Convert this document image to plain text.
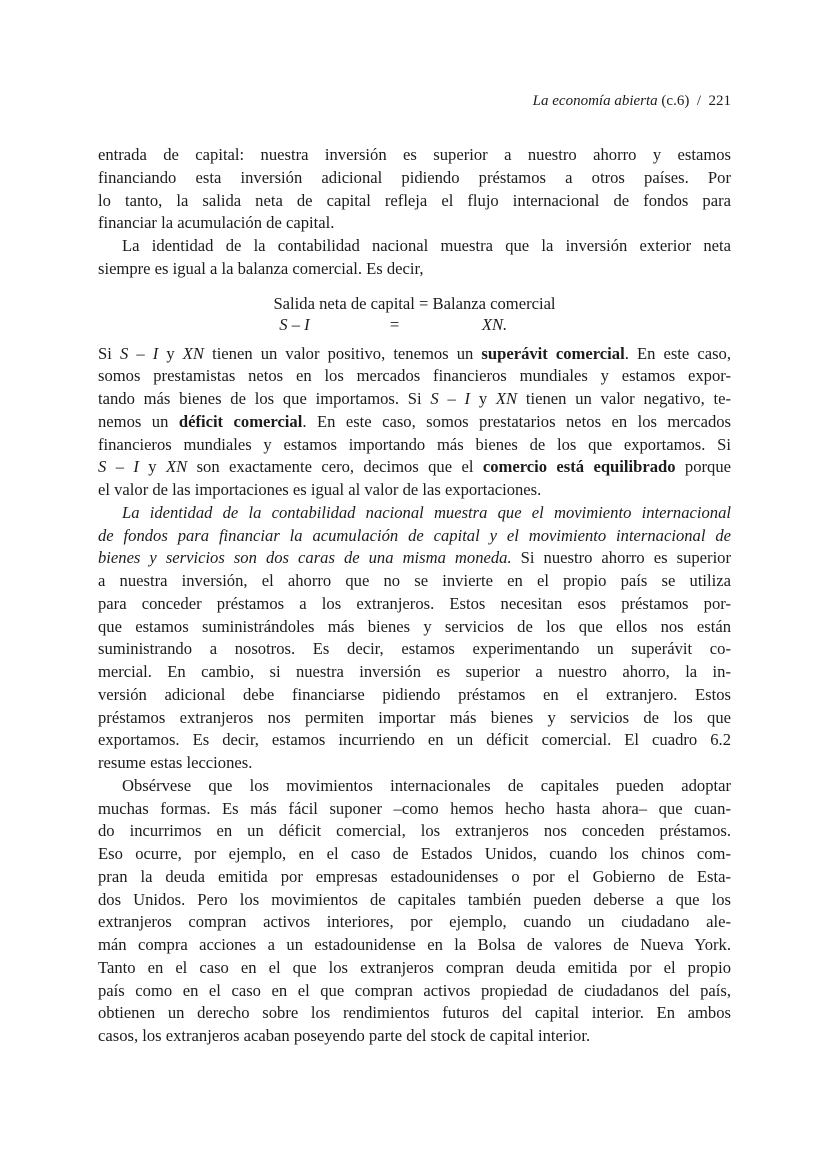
La economía abierta (c.6) / 221
entrada de capital: nuestra inversión es superior a nuestro ahorro y estamos
financiando esta inversión adicional pidiendo préstamos a otros países. Por
lo tanto, la salida neta de capital refleja el flujo internacional de fondos para
financiar la acumulación de capital.
La identidad de la contabilidad nacional muestra que la inversión exterior neta
siempre es igual a la balanza comercial. Es decir,
Salida neta de capital = Balanza comercial
S – I	=	XN.
Si S – I y XN tienen un valor positivo, tenemos un superávit comercial. En este caso,
somos prestamistas netos en los mercados financieros mundiales y estamos expor-
tando más bienes de los que importamos. Si S – I y XN tienen un valor negativo, te-
nemos un déficit comercial. En este caso, somos prestatarios netos en los mercados
financieros mundiales y estamos importando más bienes de los que exportamos. Si
S – I y XN son exactamente cero, decimos que el comercio está equilibrado porque
el valor de las importaciones es igual al valor de las exportaciones.
La identidad de la contabilidad nacional muestra que el movimiento internacional
de fondos para financiar la acumulación de capital y el movimiento internacional de
bienes y servicios son dos caras de una misma moneda. Si nuestro ahorro es superior
a nuestra inversión, el ahorro que no se invierte en el propio país se utiliza
para conceder préstamos a los extranjeros. Estos necesitan esos préstamos por-
que estamos suministrándoles más bienes y servicios de los que ellos nos están
suministrando a nosotros. Es decir, estamos experimentando un superávit co-
mercial. En cambio, si nuestra inversión es superior a nuestro ahorro, la in-
versión adicional debe financiarse pidiendo préstamos en el extranjero. Estos
préstamos extranjeros nos permiten importar más bienes y servicios de los que
exportamos. Es decir, estamos incurriendo en un déficit comercial. El cuadro 6.2
resume estas lecciones.
Obsérvese que los movimientos internacionales de capitales pueden adoptar
muchas formas. Es más fácil suponer –como hemos hecho hasta ahora– que cuan-
do incurrimos en un déficit comercial, los extranjeros nos conceden préstamos.
Eso ocurre, por ejemplo, en el caso de Estados Unidos, cuando los chinos com-
pran la deuda emitida por empresas estadounidenses o por el Gobierno de Esta-
dos Unidos. Pero los movimientos de capitales también pueden deberse a que los
extranjeros compran activos interiores, por ejemplo, cuando un ciudadano ale-
mán compra acciones a un estadounidense en la Bolsa de valores de Nueva York.
Tanto en el caso en el que los extranjeros compran deuda emitida por el propio
país como en el caso en el que compran activos propiedad de ciudadanos del país,
obtienen un derecho sobre los rendimientos futuros del capital interior. En ambos
casos, los extranjeros acaban poseyendo parte del stock de capital interior.
